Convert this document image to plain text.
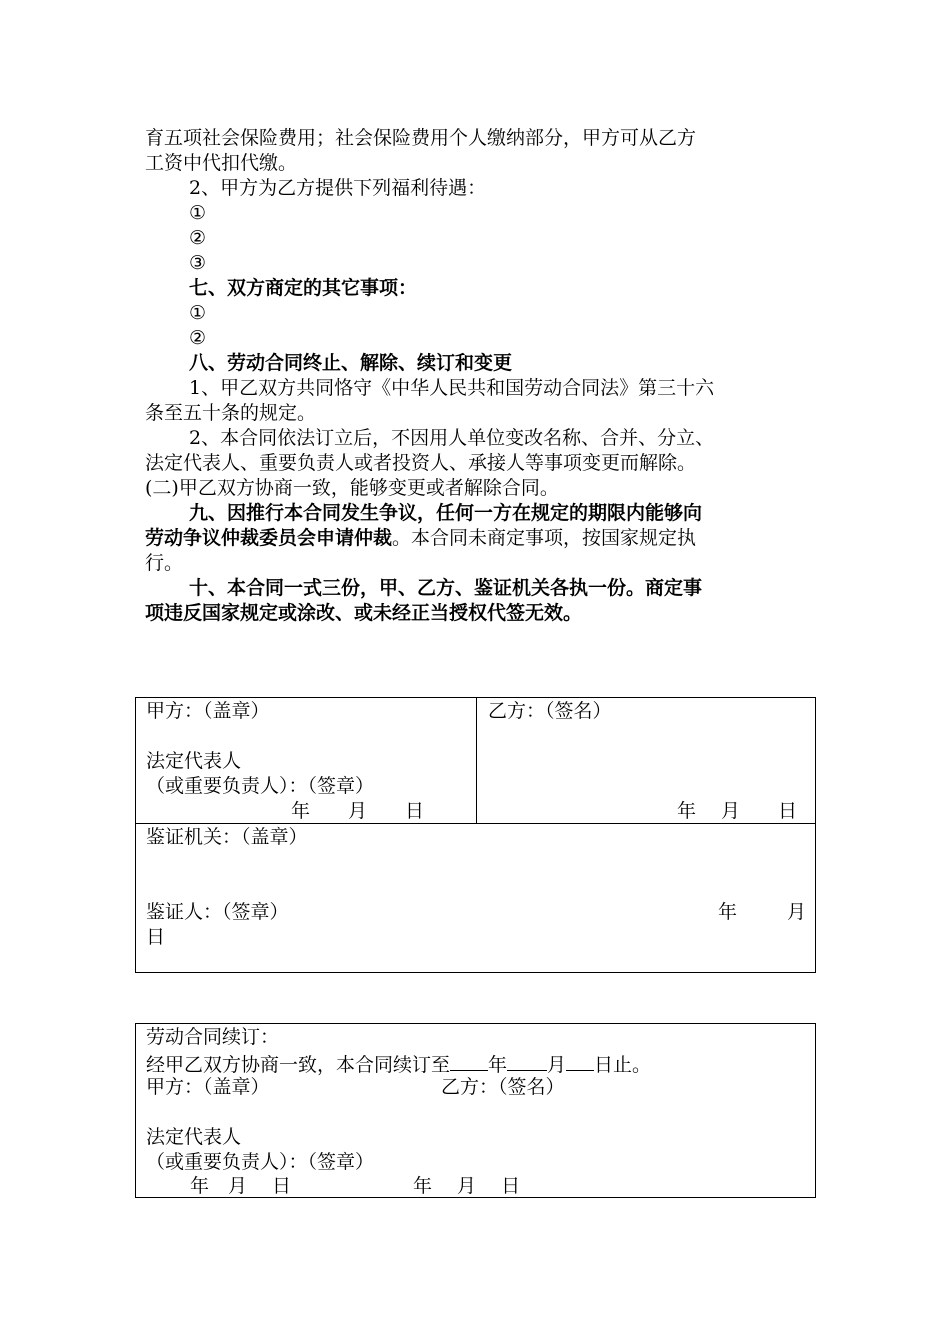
育五项社会保险费用；社会保险费用个人缴纳部分，甲方可从乙方
工资中代扣代缴。
2、甲方为乙方提供下列福利待遇：
①
②
③
七、双方商定的其它事项：
①
②
八、劳动合同终止、解除、续订和变更
1、甲乙双方共同恪守《中华人民共和国劳动合同法》第三十六
条至五十条的规定。
2、本合同依法订立后，不因用人单位变改名称、合并、分立、
法定代表人、重要负责人或者投资人、承接人等事项变更而解除。
(二)甲乙双方协商一致，能够变更或者解除合同。
九、因推行本合同发生争议，任何一方在规定的期限内能够向
劳动争议仲裁委员会申请仲裁。本合同未商定事项，按国家规定执
行。
十、本合同一式三份，甲、乙方、鉴证机关各执一份。商定事
项违反国家规定或涂改、或未经正当授权代签无效。
甲方：（盖章）
法定代表人
（或重要负责人）：（签章）
年　　月　　日
乙方：（签名）
年　 月　　日
鉴证机关：（盖章）
鉴证人：（签章）	年	月
日
劳动合同续订：
经甲乙双方协商一致，本合同续订至 年 月 日止。
甲方：（盖章）	乙方：（签名）
法定代表人
（或重要负责人）：（签章）
年　月　 日	年　 月　 日
